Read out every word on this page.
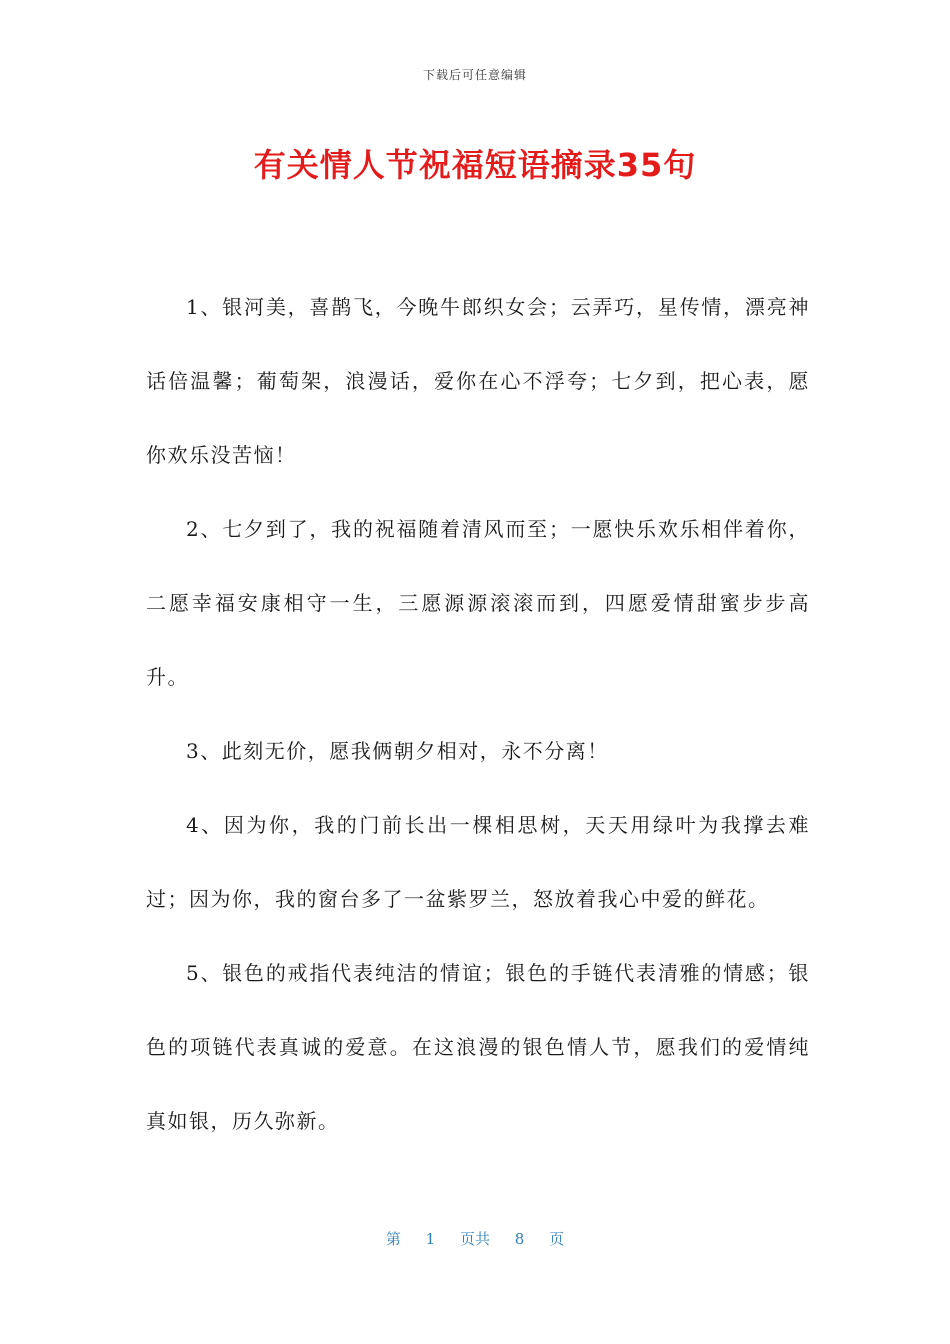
下载后可任意编辑
有关情人节祝福短语摘录35句

1、银河美，喜鹊飞，今晚牛郎织女会；云弄巧，星传情，漂亮神话倍温馨；葡萄架，浪漫话，爱你在心不浮夸；七夕到，把心表，愿你欢乐没苦恼！

2、七夕到了，我的祝福随着清风而至；一愿快乐欢乐相伴着你，二愿幸福安康相守一生，三愿源源滚滚而到，四愿爱情甜蜜步步高升。

3、此刻无价，愿我俩朝夕相对，永不分离！

4、因为你，我的门前长出一棵相思树，天天用绿叶为我撑去难过；因为你，我的窗台多了一盆紫罗兰，怒放着我心中爱的鲜花。

5、银色的戒指代表纯洁的情谊；银色的手链代表清雅的情感；银色的项链代表真诚的爱意。在这浪漫的银色情人节，愿我们的爱情纯真如银，历久弥新。

第 1 页共 8 页
